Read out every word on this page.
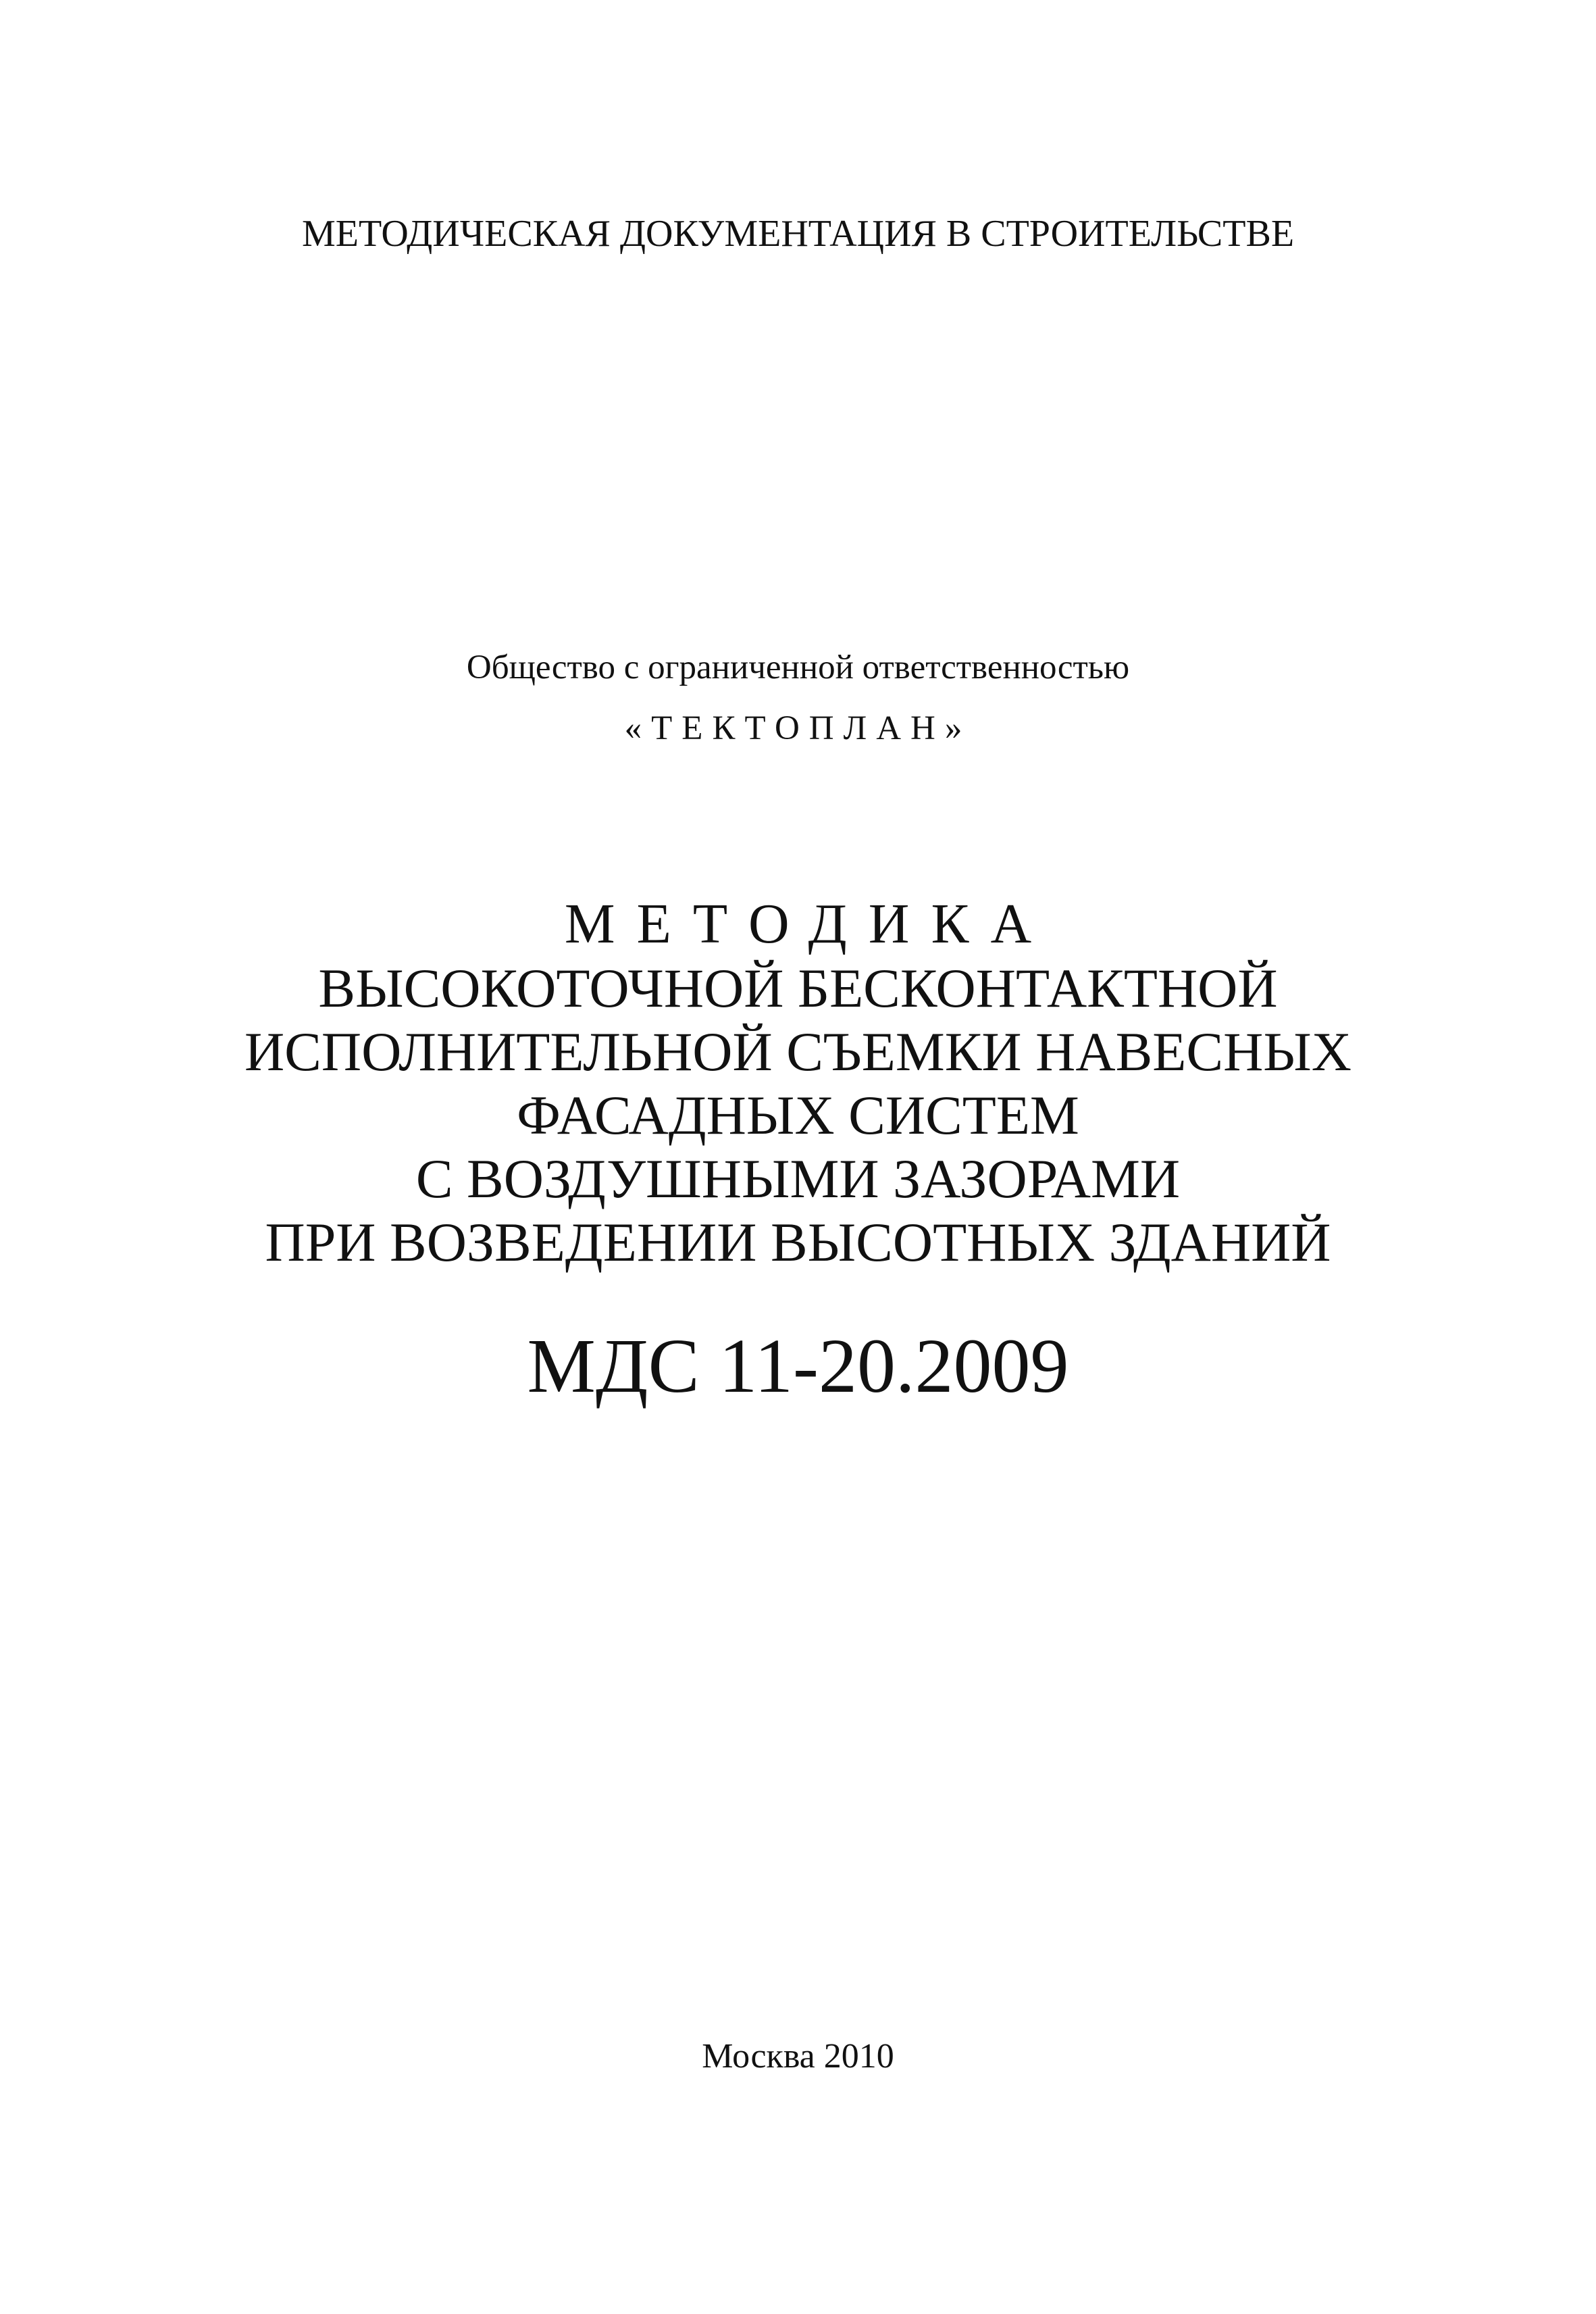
МЕТОДИЧЕСКАЯ ДОКУМЕНТАЦИЯ В СТРОИТЕЛЬСТВЕ
Общество с ограниченной ответственностью
«ТЕКТОПЛАН»
МЕТОДИКА
ВЫСОКОТОЧНОЙ БЕСКОНТАКТНОЙ
ИСПОЛНИТЕЛЬНОЙ СЪЕМКИ НАВЕСНЫХ
ФАСАДНЫХ СИСТЕМ
С ВОЗДУШНЫМИ ЗАЗОРАМИ
ПРИ ВОЗВЕДЕНИИ ВЫСОТНЫХ ЗДАНИЙ
МДС 11-20.2009
Москва 2010
